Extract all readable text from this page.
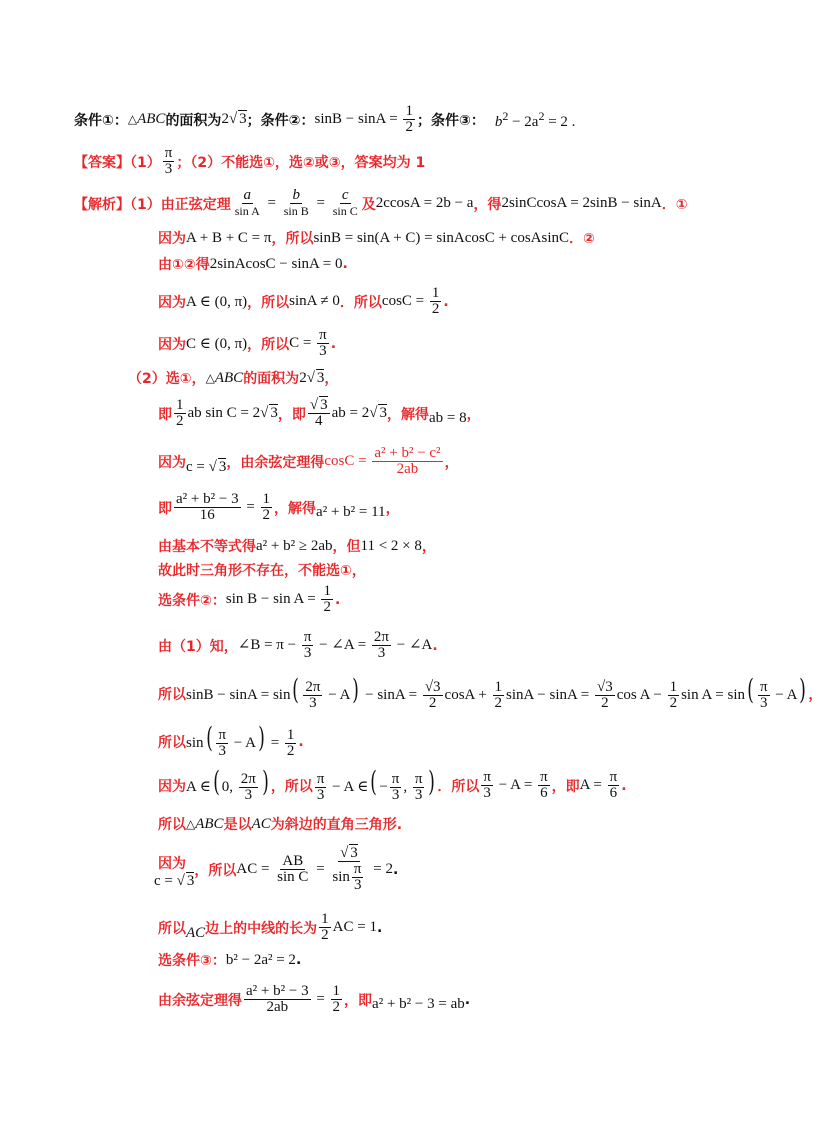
条件①： △ABC 的面积为 2√ 3 ；条件②： $\sin B - \sin A = \frac{1}{2}$ ；条件③： $b^2 - 2a^2 = 2$ .
【答案】$(1) \frac{\pi}{3}$ ；（2）不能选①，选②或③，答案均为 1
【解析】（1）由正弦定理 $\frac{a}{\text{sin A}} = \frac{b}{\text{sin B}} = \frac{c}{\text{sin C}}$ 及 2ccosA = 2b − a ，得 2sinCcosA = 2sinB − sinA ．①
因为 A + B + C = π ，所以 sinB = sin(A + C) = sinAcosC + cosAsinC ．②
由①②得 2sinAcosC − sinA = 0 .
因为 A ∈ (0, π) ，所以 sinA ≠ 0 ．所以 $\cos C = \frac{1}{2}$ .
因为 C ∈ (0, π) ，所以 $C = \frac{\pi}{3}$ .
（2）选①， △ABC 的面积为 2√ 3 ，
即 $\frac{1}{2}$ ab sin C = 2√ 3 ，即 $\frac{√ 3}{4}$ ab = 2√ 3 ，解得 ab = 8 ，
因为 c = √ 3 ，由余弦定理得 $\cos C = \frac{\text{a² + b² − c²}}{2ab}$ ，
即 $\frac{\text{a² + b² − 3}}{16} = \frac{1}{2}$ ，解得 a² + b² = 11 ，
由基本不等式得 a² + b² ≥ 2ab ，但 11 < 2 × 8 ，
故此时三角形不存在，不能选①，
选条件②： $\sin B - \sin A = \frac{1}{2}$ .
由（1）知， ∠B = $\pi - \frac{\pi}{3}$ − ∠A = $\frac{2\pi}{3}$ − ∠A .
所以 $\sin B - \sin A = \sin( \frac{2\pi}{3} - A) - \sin A = \frac{√3}{2}$ $\cos A + \frac{1}{2}$ $\sin A - \sin A = \frac{√3}{2}$ $\cos A - \frac{1}{2}$ $\sin A = \sin( \frac{\pi}{3} - A)$ ，
所以 $\sin( \frac{\pi}{3} - A) = \frac{1}{2}$ .
因为 A ∈( 0, $\frac{2\pi}{3}$ ) ，所以 $\frac{\pi}{3} - A$ ∈( − $\frac{\pi}{3}$ , $\frac{\pi}{3}$ ) ．所以 $\frac{\pi}{3} - A = \frac{\pi}{6}$ ，即 $A = \frac{\pi}{6}$ .
所以 △ABC 是以 AC 为斜边的直角三角形.
因为
c = √ 3
，所以 AC = $\frac{AB}{\text{sin C}} = \frac{√ 3}{\sin \frac{\pi}{3}} = 2$ .
所以 AC 边上的中线的长为 $\frac{1}{2}$ AC = 1 .
选条件③： b² − 2a² = 2 .
由余弦定理得 $\frac{\text{a² + b² − 3}}{2ab} = \frac{1}{2}$ ，即 a² + b² − 3 = ab .
